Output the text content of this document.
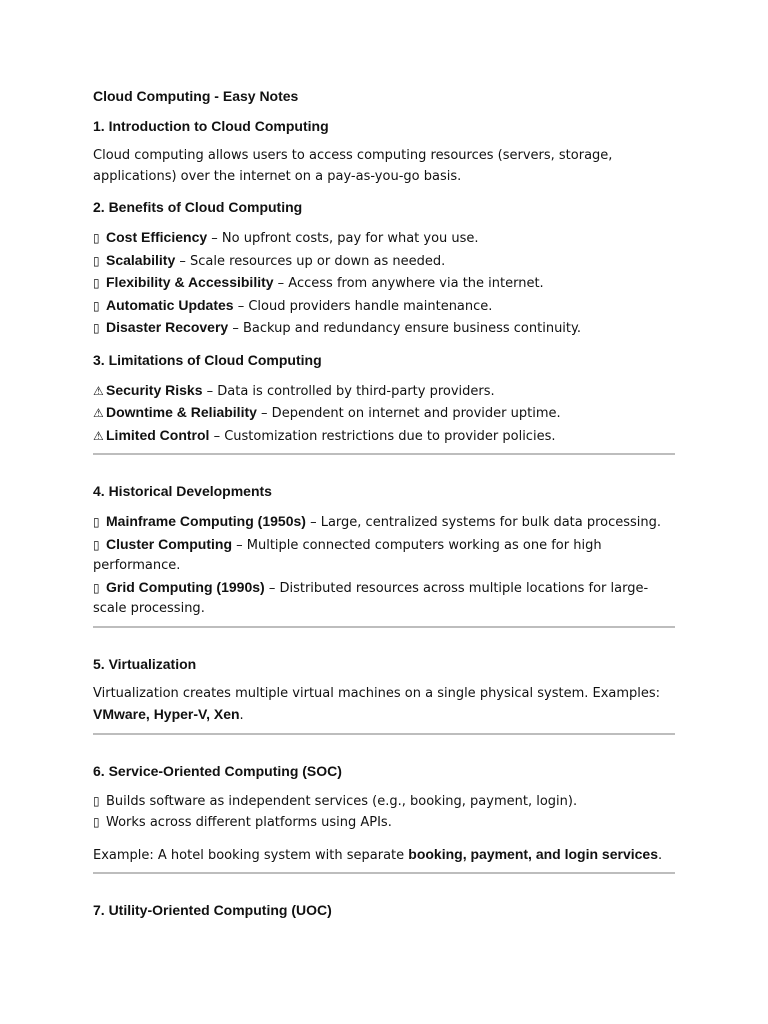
Cloud Computing - Easy Notes
1. Introduction to Cloud Computing

Cloud computing allows users to access computing resources (servers, storage, applications) over the internet on a pay-as-you-go basis.

2. Benefits of Cloud Computing
▯ Cost Efficiency – No upfront costs, pay for what you use.
▯ Scalability – Scale resources up or down as needed.
▯ Flexibility & Accessibility – Access from anywhere via the internet.
▯ Automatic Updates – Cloud providers handle maintenance.
▯ Disaster Recovery – Backup and redundancy ensure business continuity.
3. Limitations of Cloud Computing
⚠ Security Risks – Data is controlled by third-party providers.
⚠ Downtime & Reliability – Dependent on internet and provider uptime.
⚠ Limited Control – Customization restrictions due to provider policies.
4. Historical Developments
▯ Mainframe Computing (1950s) – Large, centralized systems for bulk data processing.
▯ Cluster Computing – Multiple connected computers working as one for high performance.
▯ Grid Computing (1990s) – Distributed resources across multiple locations for large-scale processing.
5. Virtualization

Virtualization creates multiple virtual machines on a single physical system. Examples: VMware, Hyper-V, Xen.

6. Service-Oriented Computing (SOC)
▯ Builds software as independent services (e.g., booking, payment, login).
▯ Works across different platforms using APIs.

Example: A hotel booking system with separate booking, payment, and login services.

7. Utility-Oriented Computing (UOC)
